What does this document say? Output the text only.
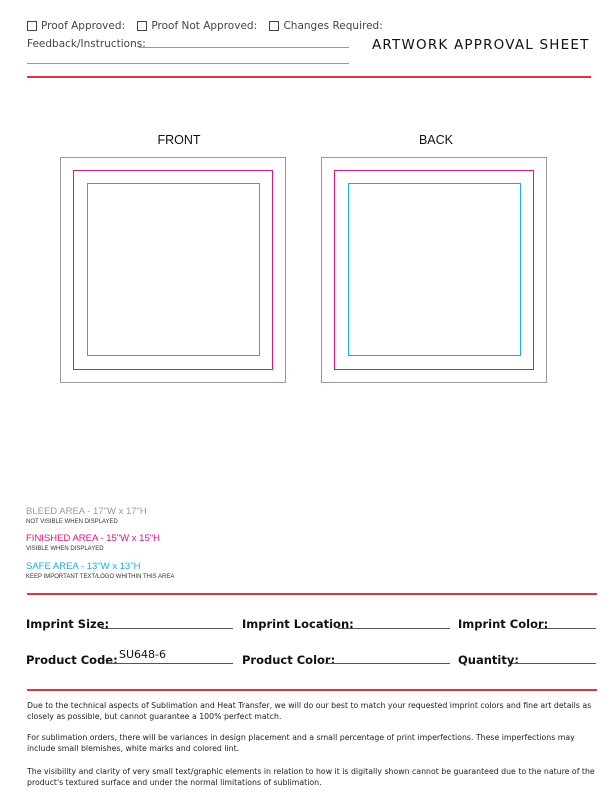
Proof Approved:	Proof Not Approved:	Changes Required:
Feedback/Instructions:	ARTWORK APPROVAL SHEET
FRONT	BACK
BLEED AREA - 17"W x 17"H
NOT VISIBLE WHEN DISPLAYED
FINISHED AREA - 15"W x 15"H
VISIBLE WHEN DISPLAYED
SAFE AREA - 13"W x 13"H
KEEP IMPORTANT TEXT/LOGO WHITHIN THIS AREA
Imprint Size:	Imprint Location:	Imprint Color:
Product Code: SU648-6	Product Color:	Quantity:
Due to the technical aspects of Sublimation and Heat Transfer, we will do our best to match your requested imprint colors and fine art details as closely as possible, but cannot guarantee a 100% perfect match.
For sublimation orders, there will be variances in design placement and a small percentage of print imperfections. These imperfections may include small blemishes, white marks and colored lint.
The visibility and clarity of very small text/graphic elements in relation to how it is digitally shown cannot be guaranteed due to the nature of the product's textured surface and under the normal limitations of sublimation.
